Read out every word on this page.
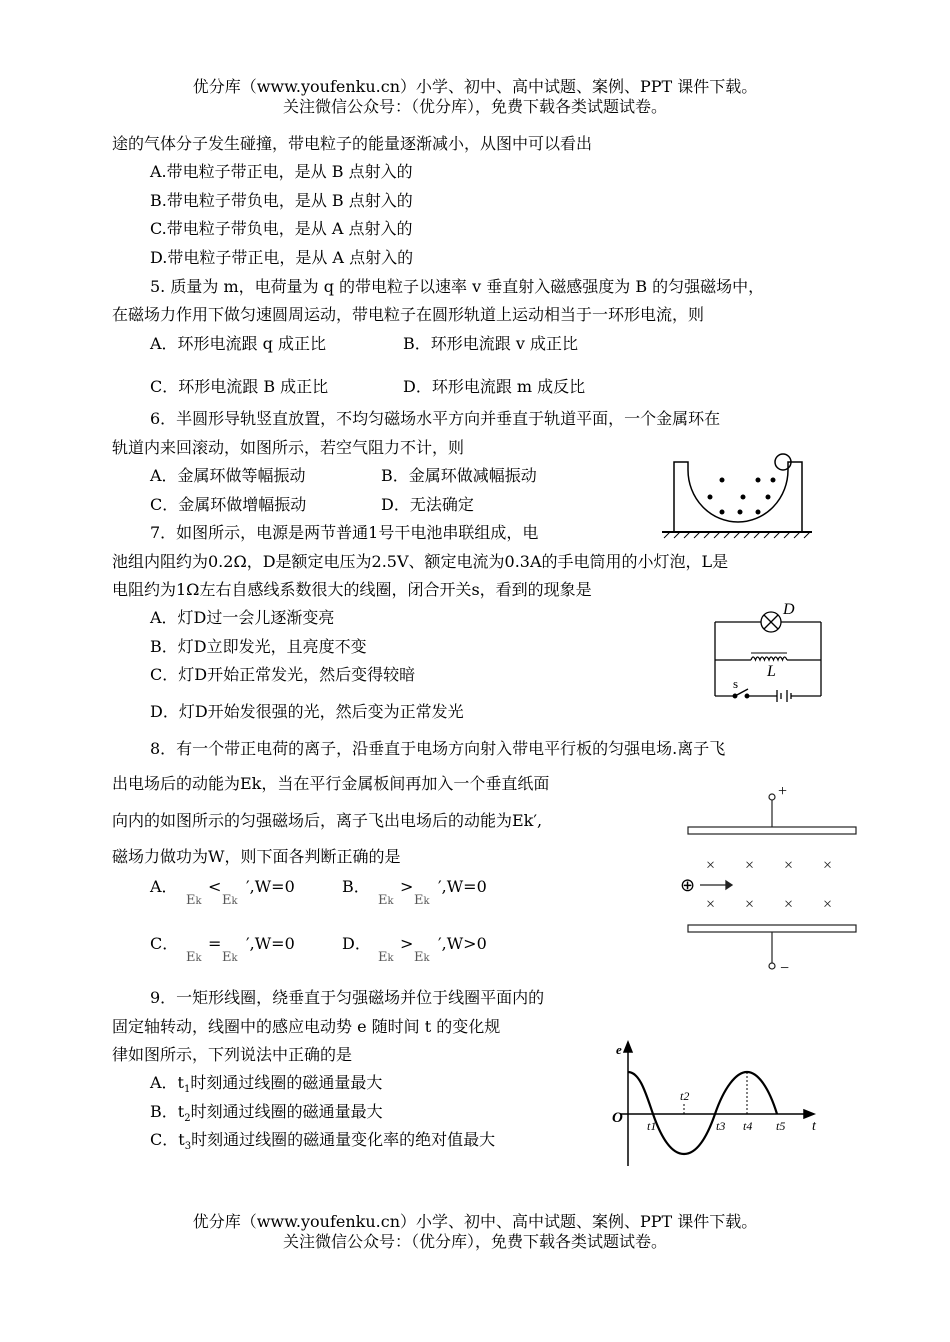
优分库（www.youfenku.cn）小学、初中、高中试题、案例、PPT 课件下载。
关注微信公众号：（优分库），免费下载各类试题试卷。
途的气体分子发生碰撞，带电粒子的能量逐渐减小，从图中可以看出
A.带电粒子带正电，是从 B 点射入的
B.带电粒子带负电，是从 B 点射入的
C.带电粒子带负电，是从 A 点射入的
D.带电粒子带正电，是从 A 点射入的
5. 质量为 m，电荷量为 q 的带电粒子以速率 v 垂直射入磁感强度为 B 的匀强磁场中，
在磁场力作用下做匀速圆周运动，带电粒子在圆形轨道上运动相当于一环形电流，则
A．环形电流跟 q 成正比	B．环形电流跟 v 成正比
C．环形电流跟 B 成正比	D．环形电流跟 m 成反比
6．半圆形导轨竖直放置，不均匀磁场水平方向并垂直于轨道平面，一个金属环在
轨道内来回滚动，如图所示，若空气阻力不计，则
A．金属环做等幅振动	B．金属环做减幅振动
C．金属环做增幅振动	D．无法确定
7．如图所示，电源是两节普通1号干电池串联组成，电
池组内阻约为0.2Ω，D是额定电压为2.5V、额定电流为0.3A的手电筒用的小灯泡，L是
电阻约为1Ω左右自感线系数很大的线圈，闭合开关s，看到的现象是
A．灯D过一会儿逐渐变亮
B．灯D立即发光，且亮度不变
C．灯D开始正常发光，然后变得较暗
D．灯D开始发很强的光，然后变为正常发光
D
L
s
8．有一个带正电荷的离子，沿垂直于电场方向射入带电平行板的匀强电场.离子飞
出电场后的动能为Ek，当在平行金属板间再加入一个垂直纸面
向内的如图所示的匀强磁场后，离子飞出电场后的动能为Ek′,
磁场力做功为W，则下面各判断正确的是
A．
Ek
<
Ek
′,W=0	B．
Ek
>
Ek
′,W=0
C．
Ek
=
Ek
′,W=0	D．
Ek
>
Ek
′,W>0
+
−
× × × ×
× × × ×
⊕
9．一矩形线圈，绕垂直于匀强磁场并位于线圈平面内的
固定轴转动，线圈中的感应电动势 e 随时间 t 的变化规
律如图所示，下列说法中正确的是
A．$t_1$时刻通过线圈的磁通量最大
B．$t_2$时刻通过线圈的磁通量最大
C．$t_3$时刻通过线圈的磁通量变化率的绝对值最大
e
t
O t1
t2
t3 t4 t5
优分库（www.youfenku.cn）小学、初中、高中试题、案例、PPT 课件下载。
关注微信公众号：（优分库），免费下载各类试题试卷。
